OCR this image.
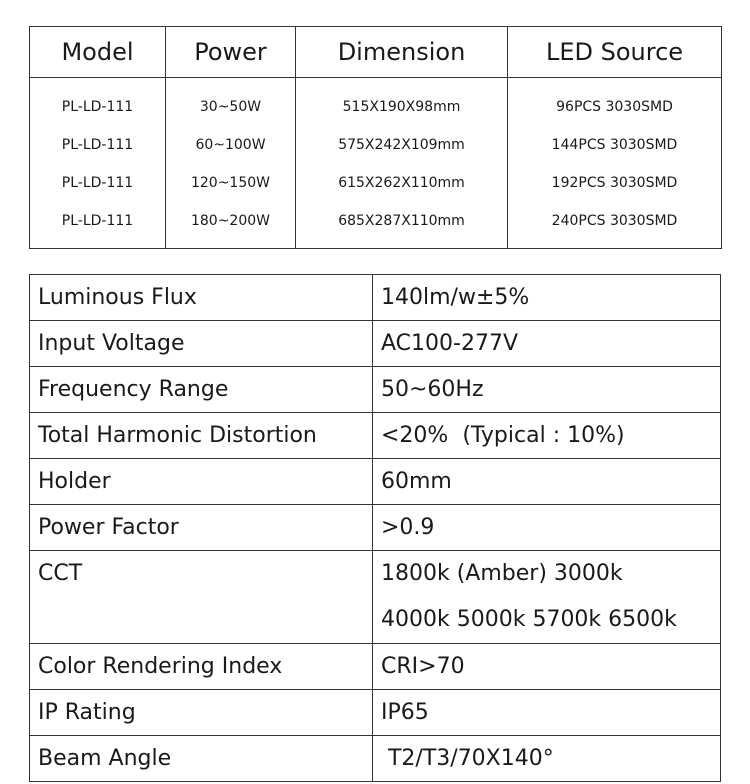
Model	Power	Dimension	LED Source
PL-LD-111	30~50W	515X190X98mm	96PCS 3030SMD
PL-LD-111	60~100W	575X242X109mm	144PCS 3030SMD
PL-LD-111	120~150W	615X262X110mm	192PCS 3030SMD
PL-LD-111	180~200W	685X287X110mm	240PCS 3030SMD
Luminous Flux	140lm/w±5%
Input Voltage	AC100-277V
Frequency Range	50~60Hz
Total Harmonic Distortion	<20%  (Typical : 10%)
Holder	60mm
Power Factor	>0.9
CCT	1800k (Amber) 3000k
4000k 5000k 5700k 6500k

Color Rendering Index	CRI>70
IP Rating	IP65
Beam Angle	T2/T3/70X140°
